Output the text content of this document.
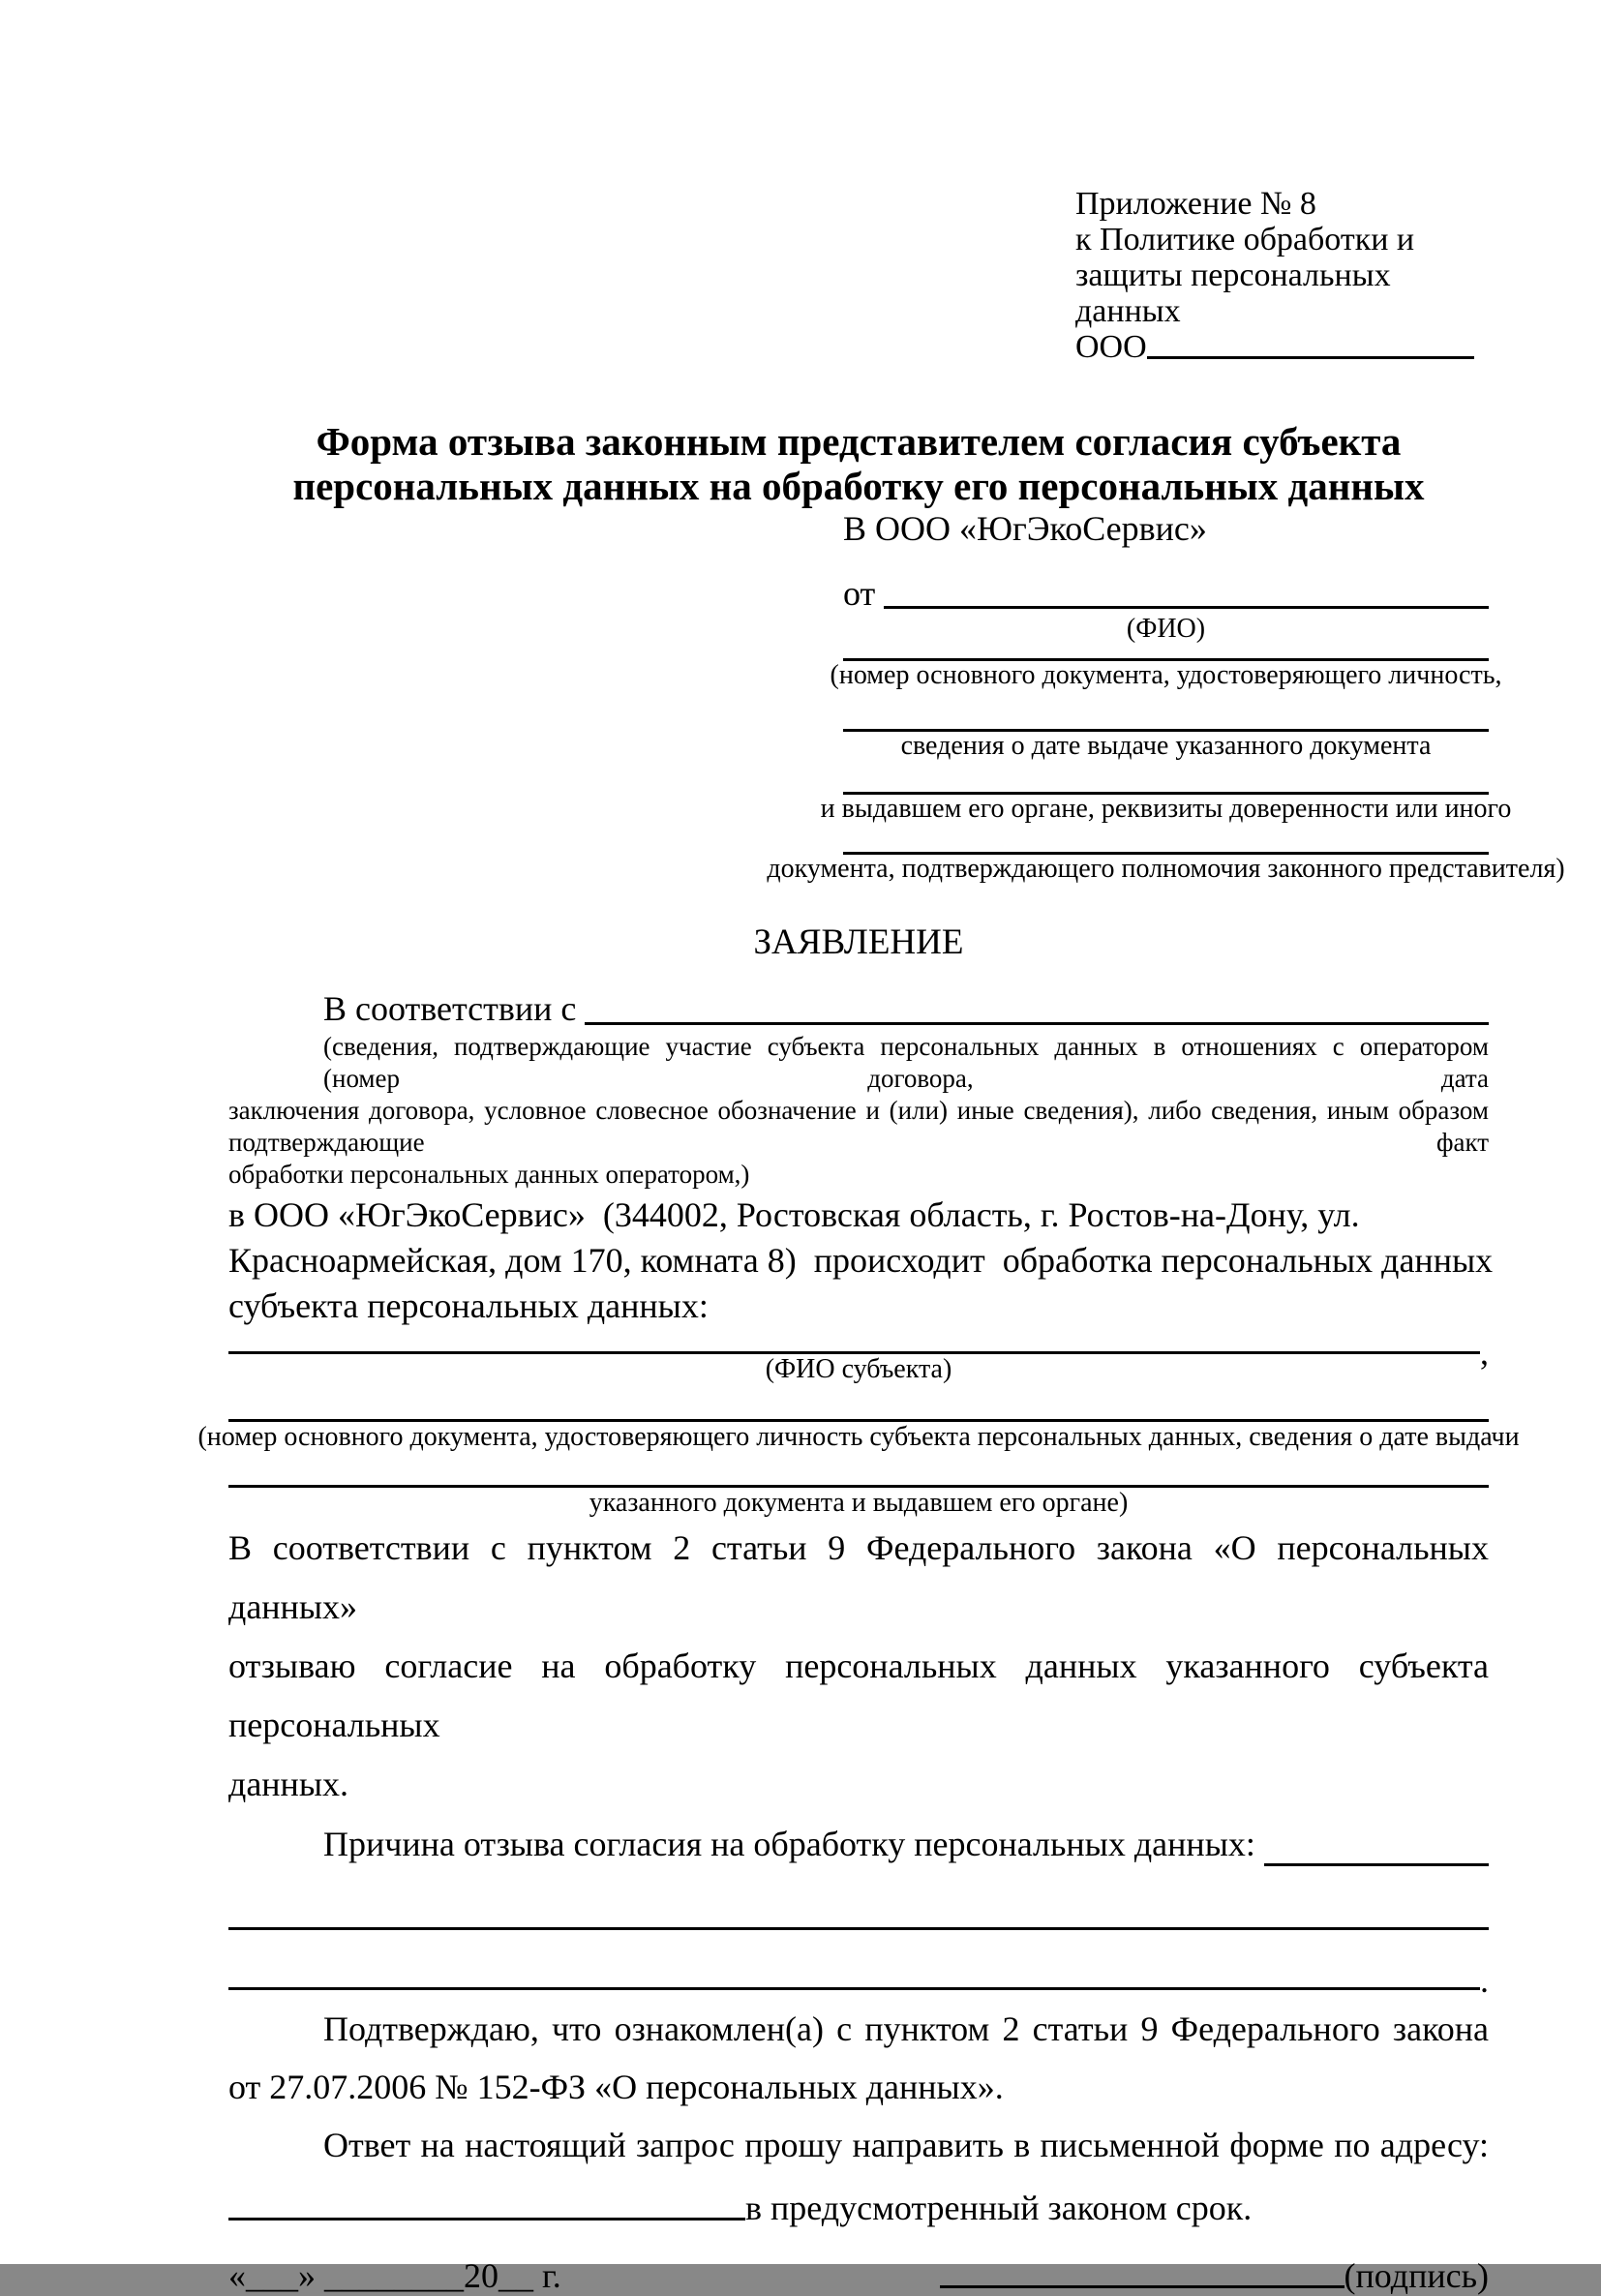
Приложение № 8
к Политике обработки и
защиты персональных данных
ООО
Форма отзыва законным представителем согласия субъекта персональных данных на обработку его персональных данных
В ООО «ЮгЭкоСервис»
от
(ФИО)
(номер основного документа, удостоверяющего личность,
сведения о дате выдаче указанного документа
и выдавшем его органе, реквизиты доверенности или иного
документа, подтверждающего полномочия законного представителя)
ЗАЯВЛЕНИЕ
В соответствии с
(сведения, подтверждающие участие субъекта персональных данных в отношениях с оператором (номер договора, дата
заключения договора, условное словесное обозначение и (или) иные сведения), либо сведения, иным образом подтверждающие факт
обработки персональных данных оператором,)
в ООО «ЮгЭкоСервис»  (344002, Ростовская область, г. Ростов-на-Дону, ул.
Красноармейская, дом 170, комната 8)  происходит  обработка персональных данных
субъекта персональных данных:
,
(ФИО субъекта)
(номер основного документа, удостоверяющего личность субъекта персональных данных, сведения о дате выдачи
указанного документа и выдавшем его органе)
В соответствии с пунктом 2 статьи 9 Федерального закона «О персональных данных»
отзываю согласие на обработку персональных данных указанного субъекта персональных
данных.
Причина отзыва согласия на обработку персональных данных:
.
Подтверждаю, что ознакомлен(а) с пунктом 2 статьи 9 Федерального закона
от 27.07.2006 № 152-ФЗ «О персональных данных».
Ответ на настоящий запрос прошу направить в письменной форме по адресу:
в предусмотренный законом срок.
«___» ________20__ г.	(подпись)
